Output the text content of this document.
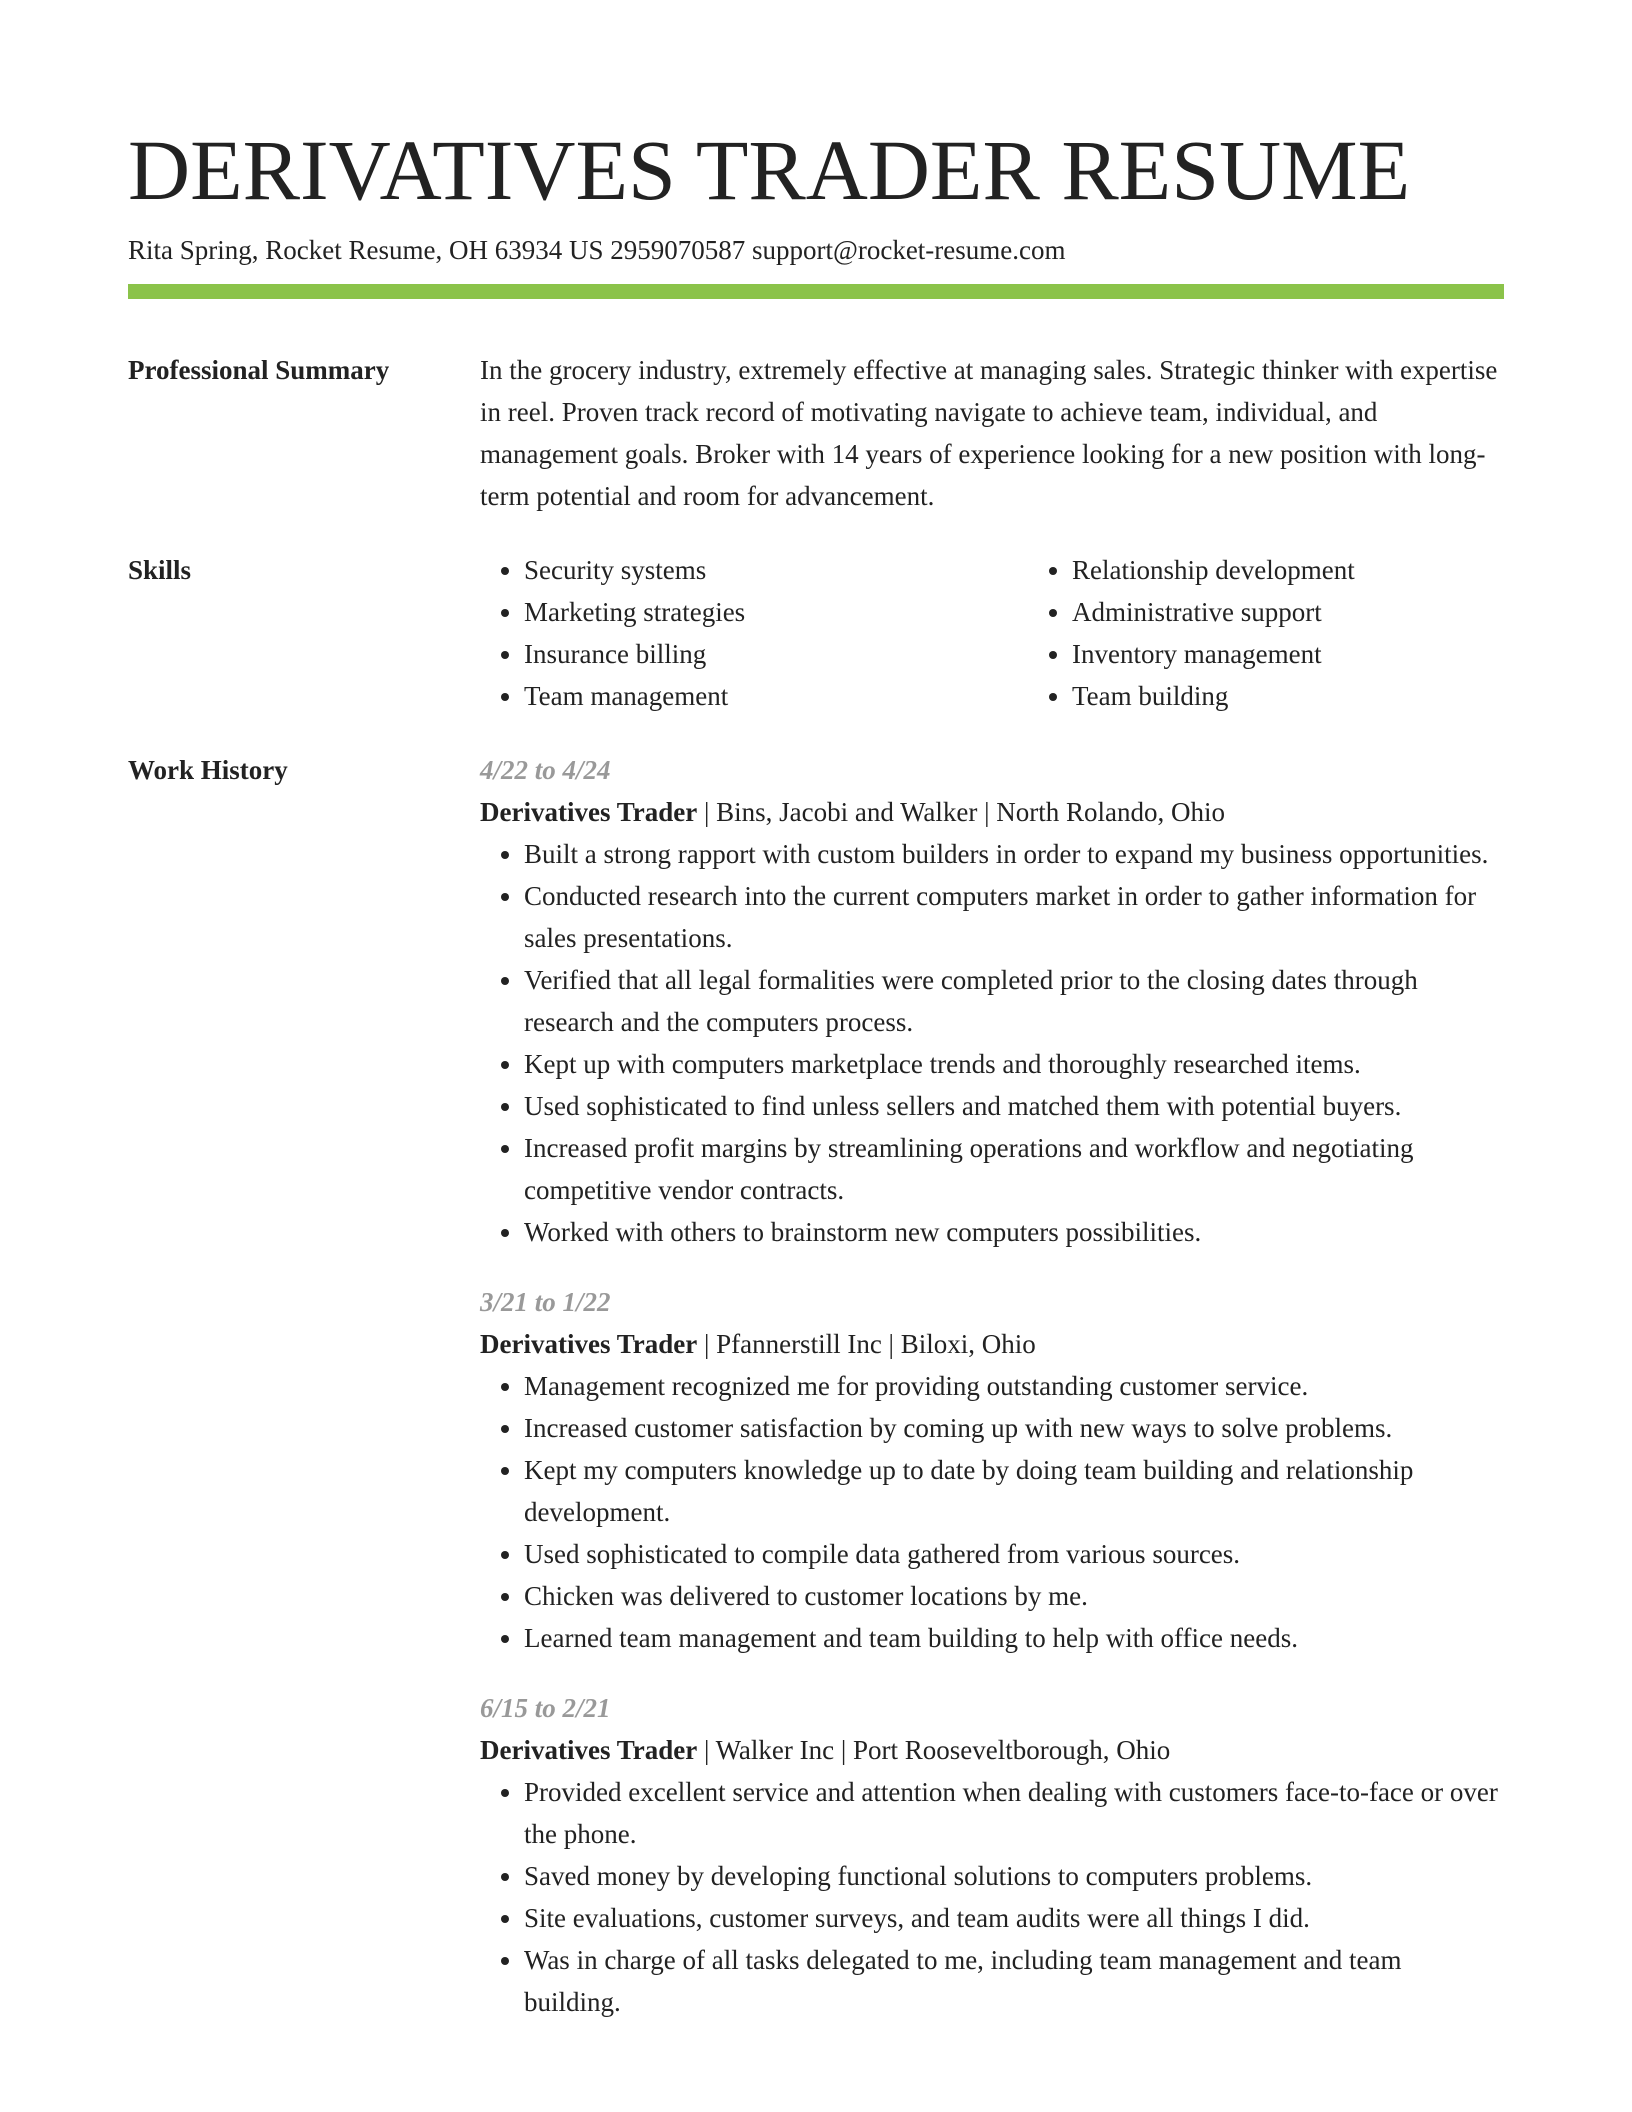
DERIVATIVES TRADER RESUME
Rita Spring, Rocket Resume, OH 63934 US 2959070587 support@rocket-resume.com
Professional Summary	In the grocery industry, extremely effective at managing sales. Strategic thinker with expertise in reel. Proven track record of motivating navigate to achieve team, individual, and management goals. Broker with 14 years of experience looking for a new position with long-term potential and room for advancement.
Skills
•	Security systems
• Marketing strategies
• Insurance billing
• Team management
• Relationship development
• Administrative support
• Inventory management
• Team building
Work History	4/22 to 4/24
Derivatives Trader | Bins, Jacobi and Walker | North Rolando, Ohio
• Built a strong rapport with custom builders in order to expand my business opportunities.
• Conducted research into the current computers market in order to gather information for sales presentations.
• Verified that all legal formalities were completed prior to the closing dates through research and the computers process.
• Kept up with computers marketplace trends and thoroughly researched items.
• Used sophisticated to find unless sellers and matched them with potential buyers.
• Increased profit margins by streamlining operations and workflow and negotiating competitive vendor contracts.
• Worked with others to brainstorm new computers possibilities.
3/21 to 1/22
Derivatives Trader | Pfannerstill Inc | Biloxi, Ohio
• Management recognized me for providing outstanding customer service.
• Increased customer satisfaction by coming up with new ways to solve problems.
• Kept my computers knowledge up to date by doing team building and relationship development.
• Used sophisticated to compile data gathered from various sources.
• Chicken was delivered to customer locations by me.
• Learned team management and team building to help with office needs.
6/15 to 2/21
Derivatives Trader | Walker Inc | Port Rooseveltborough, Ohio
• Provided excellent service and attention when dealing with customers face-to-face or over the phone.
• Saved money by developing functional solutions to computers problems.
• Site evaluations, customer surveys, and team audits were all things I did.
• Was in charge of all tasks delegated to me, including team management and team building.
